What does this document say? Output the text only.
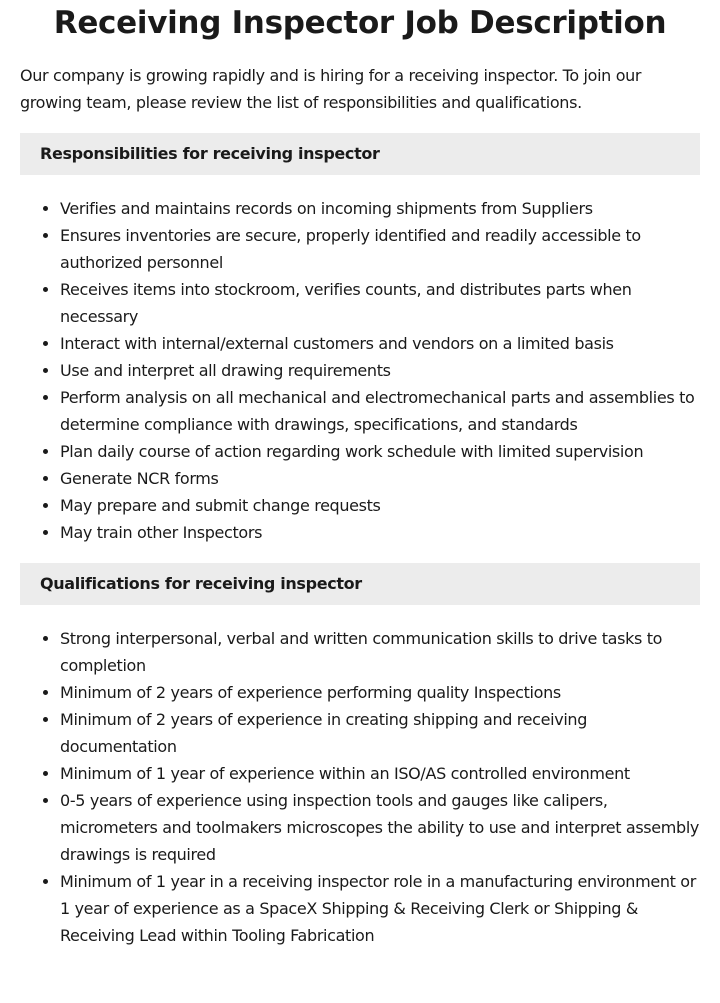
Receiving Inspector Job Description

Our company is growing rapidly and is hiring for a receiving inspector. To join our growing team, please review the list of responsibilities and qualifications.

Responsibilities for receiving inspector
• Verifies and maintains records on incoming shipments from Suppliers
• Ensures inventories are secure, properly identified and readily accessible to authorized personnel
• Receives items into stockroom, verifies counts, and distributes parts when necessary
• Interact with internal/external customers and vendors on a limited basis
• Use and interpret all drawing requirements
• Perform analysis on all mechanical and electromechanical parts and assemblies to determine compliance with drawings, specifications, and standards
• Plan daily course of action regarding work schedule with limited supervision
• Generate NCR forms
• May prepare and submit change requests
• May train other Inspectors
Qualifications for receiving inspector
• Strong interpersonal, verbal and written communication skills to drive tasks to completion
• Minimum of 2 years of experience performing quality Inspections
• Minimum of 2 years of experience in creating shipping and receiving documentation
• Minimum of 1 year of experience within an ISO/AS controlled environment
• 0-5 years of experience using inspection tools and gauges like calipers, micrometers and toolmakers microscopes the ability to use and interpret assembly drawings is required
• Minimum of 1 year in a receiving inspector role in a manufacturing environment or 1 year of experience as a SpaceX Shipping & Receiving Clerk or Shipping & Receiving Lead within Tooling Fabrication
